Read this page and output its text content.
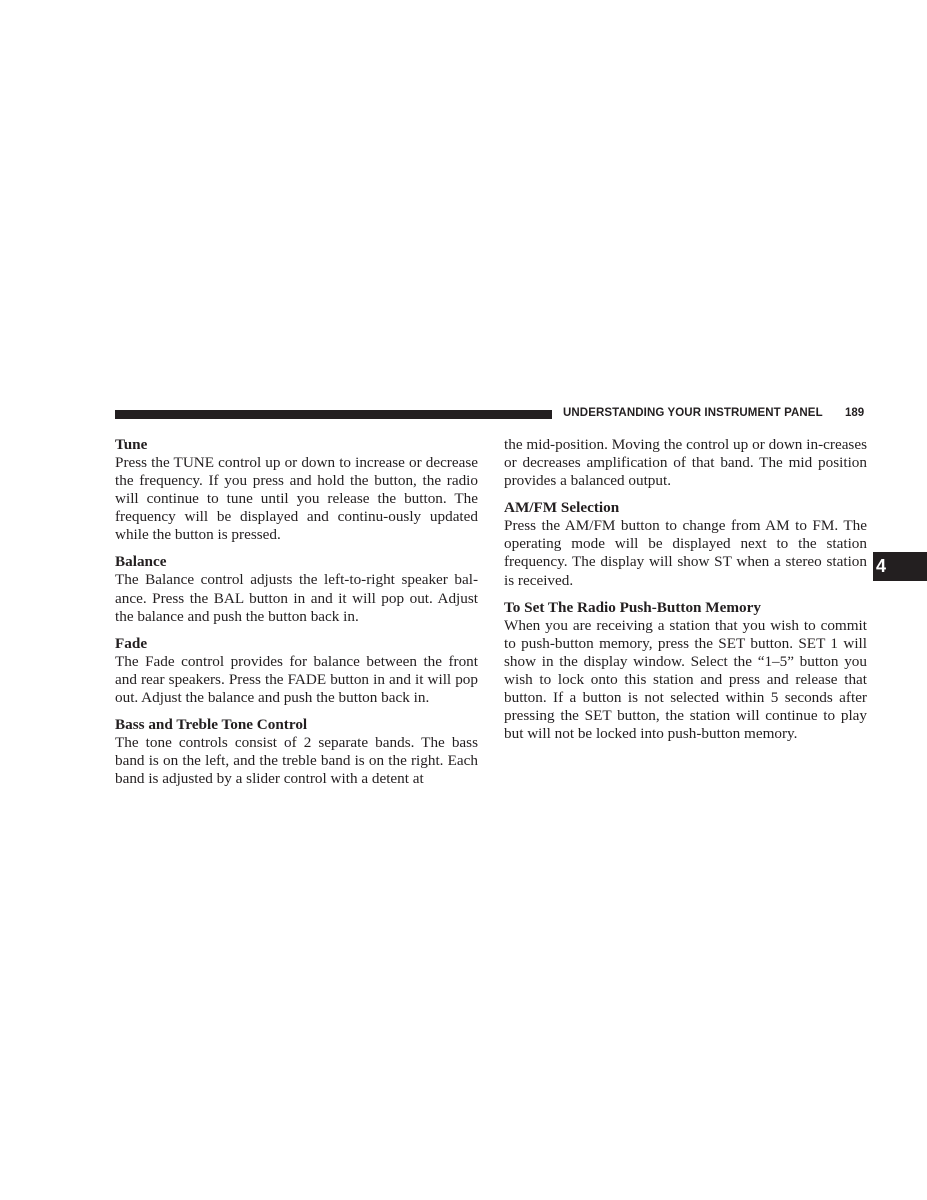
UNDERSTANDING YOUR INSTRUMENT PANEL 189
4
Tune

Press the TUNE control up or down to increase or decrease the frequency. If you press and hold the button, the radio will continue to tune until you release the button. The frequency will be displayed and continu-ously updated while the button is pressed.

Balance

The Balance control adjusts the left-to-right speaker bal-ance. Press the BAL button in and it will pop out. Adjust the balance and push the button back in.

Fade

The Fade control provides for balance between the front and rear speakers. Press the FADE button in and it will pop out. Adjust the balance and push the button back in.

Bass and Treble Tone Control

The tone controls consist of 2 separate bands. The bass band is on the left, and the treble band is on the right. Each band is adjusted by a slider control with a detent at

the mid-position. Moving the control up or down in-creases or decreases amplification of that band. The mid position provides a balanced output.

AM/FM Selection

Press the AM/FM button to change from AM to FM. The operating mode will be displayed next to the station frequency. The display will show ST when a stereo station is received.

To Set The Radio Push-Button Memory

When you are receiving a station that you wish to commit to push-button memory, press the SET button. SET 1 will show in the display window. Select the “1–5” button you wish to lock onto this station and press and release that button. If a button is not selected within 5 seconds after pressing the SET button, the station will continue to play but will not be locked into push-button memory.
